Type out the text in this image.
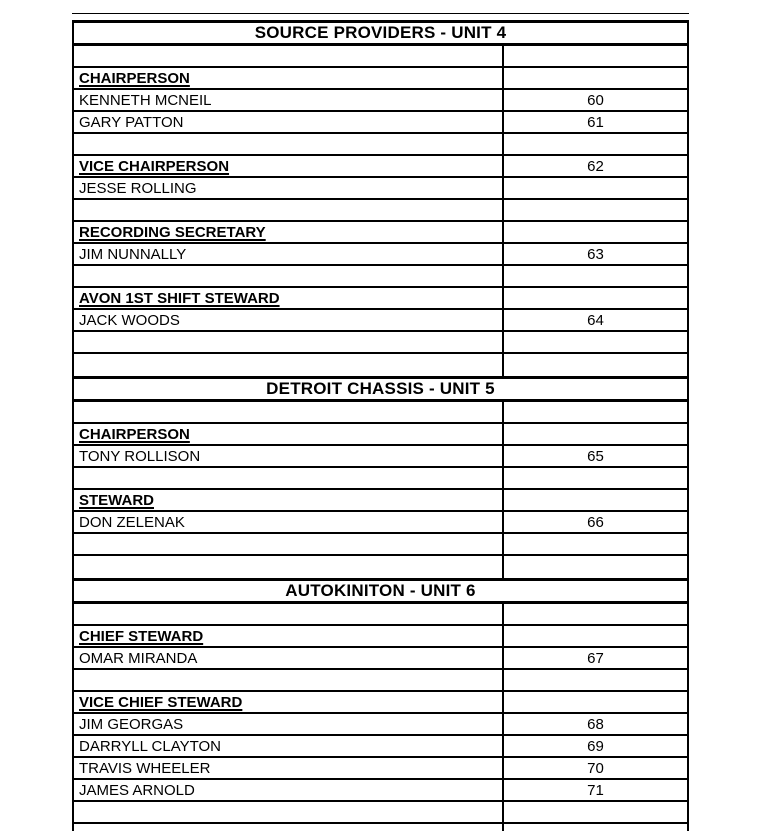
SOURCE PROVIDERS - UNIT 4
CHAIRPERSON
KENNETH MCNEIL	60
GARY PATTON	61
VICE CHAIRPERSON	62
JESSE ROLLING
RECORDING SECRETARY
JIM NUNNALLY	63
AVON 1ST SHIFT STEWARD
JACK WOODS	64
DETROIT CHASSIS - UNIT 5
CHAIRPERSON
TONY ROLLISON	65
STEWARD
DON ZELENAK	66
AUTOKINITON - UNIT 6
CHIEF STEWARD
OMAR MIRANDA	67
VICE CHIEF STEWARD
JIM GEORGAS	68
DARRYLL CLAYTON	69
TRAVIS WHEELER	70
JAMES ARNOLD	71
